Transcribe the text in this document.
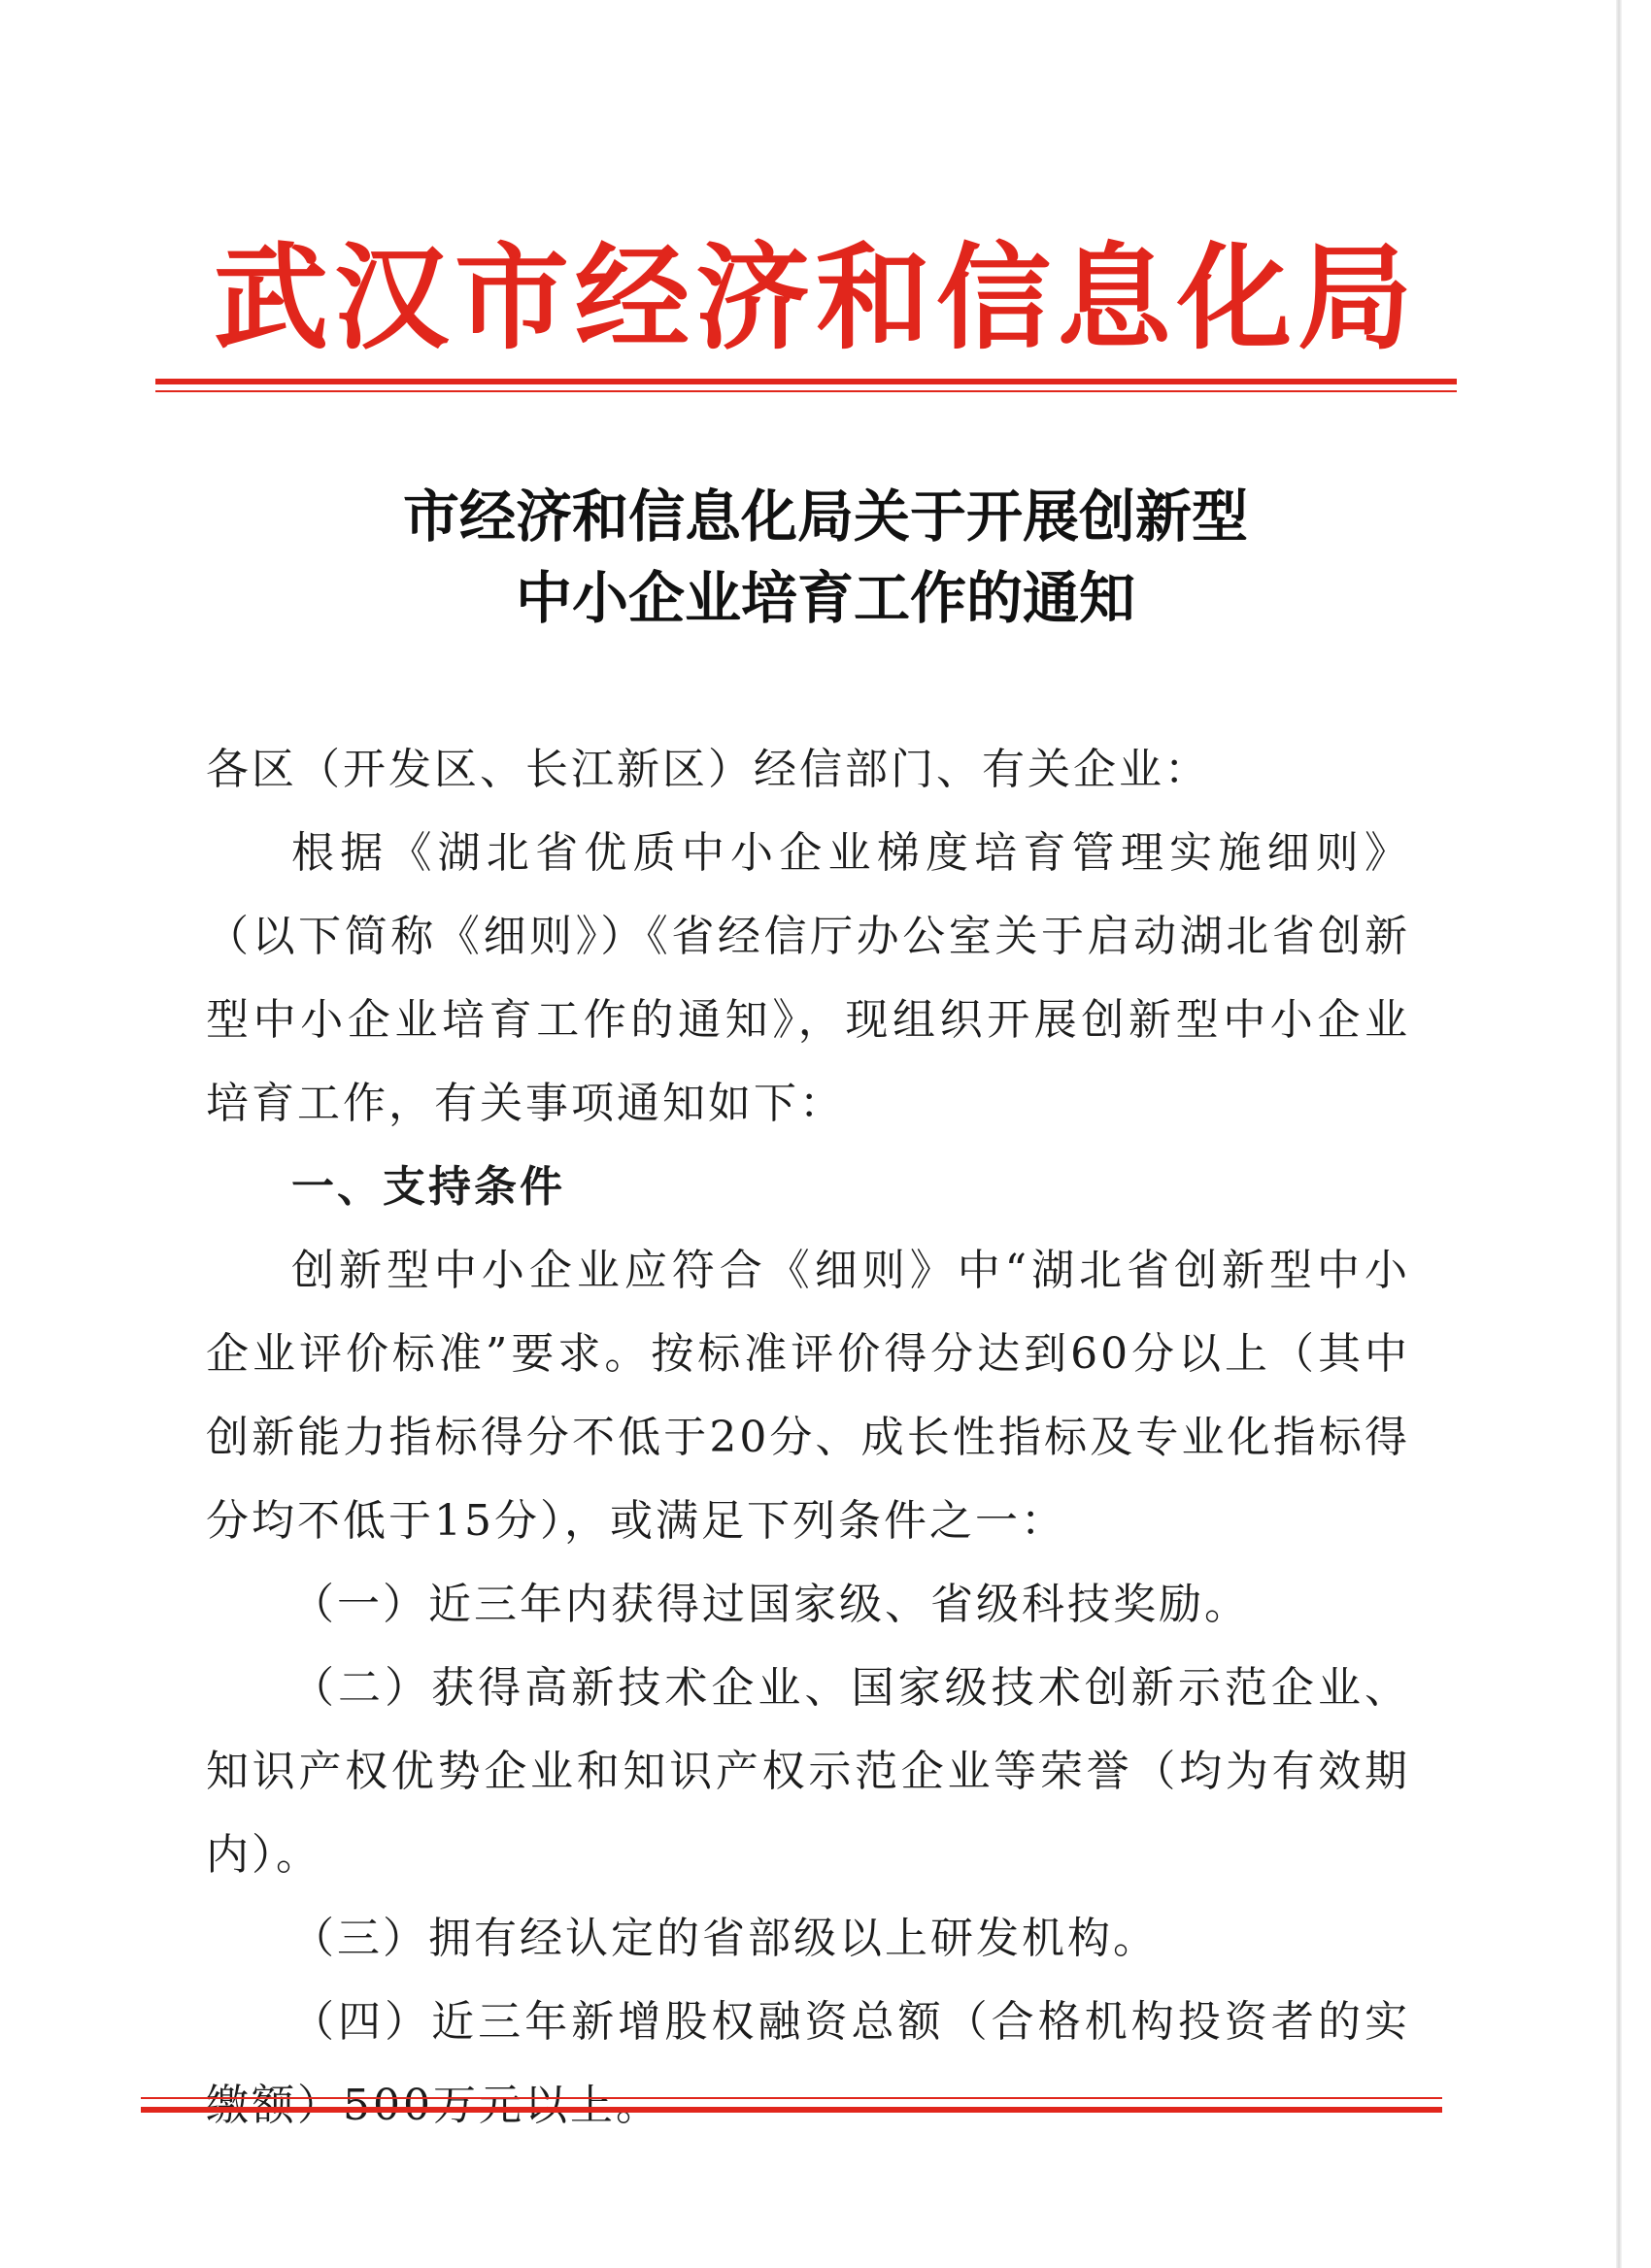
武汉市经济和信息化局
市经济和信息化局关于开展创新型
中小企业培育工作的通知

各区（开发区、长江新区）经信部门、有关企业：

根据《湖北省优质中小企业梯度培育管理实施细则》（以下简称《细则》）《省经信厅办公室关于启动湖北省创新型中小企业培育工作的通知》，现组织开展创新型中小企业培育工作，有关事项通知如下：

一、支持条件

创新型中小企业应符合《细则》中“湖北省创新型中小企业评价标准”要求。按标准评价得分达到60分以上（其中创新能力指标得分不低于20分、成长性指标及专业化指标得分均不低于15分），或满足下列条件之一：

（一）近三年内获得过国家级、省级科技奖励。

（二）获得高新技术企业、国家级技术创新示范企业、知识产权优势企业和知识产权示范企业等荣誉（均为有效期内）。

（三）拥有经认定的省部级以上研发机构。

（四）近三年新增股权融资总额（合格机构投资者的实缴额）500万元以上。
